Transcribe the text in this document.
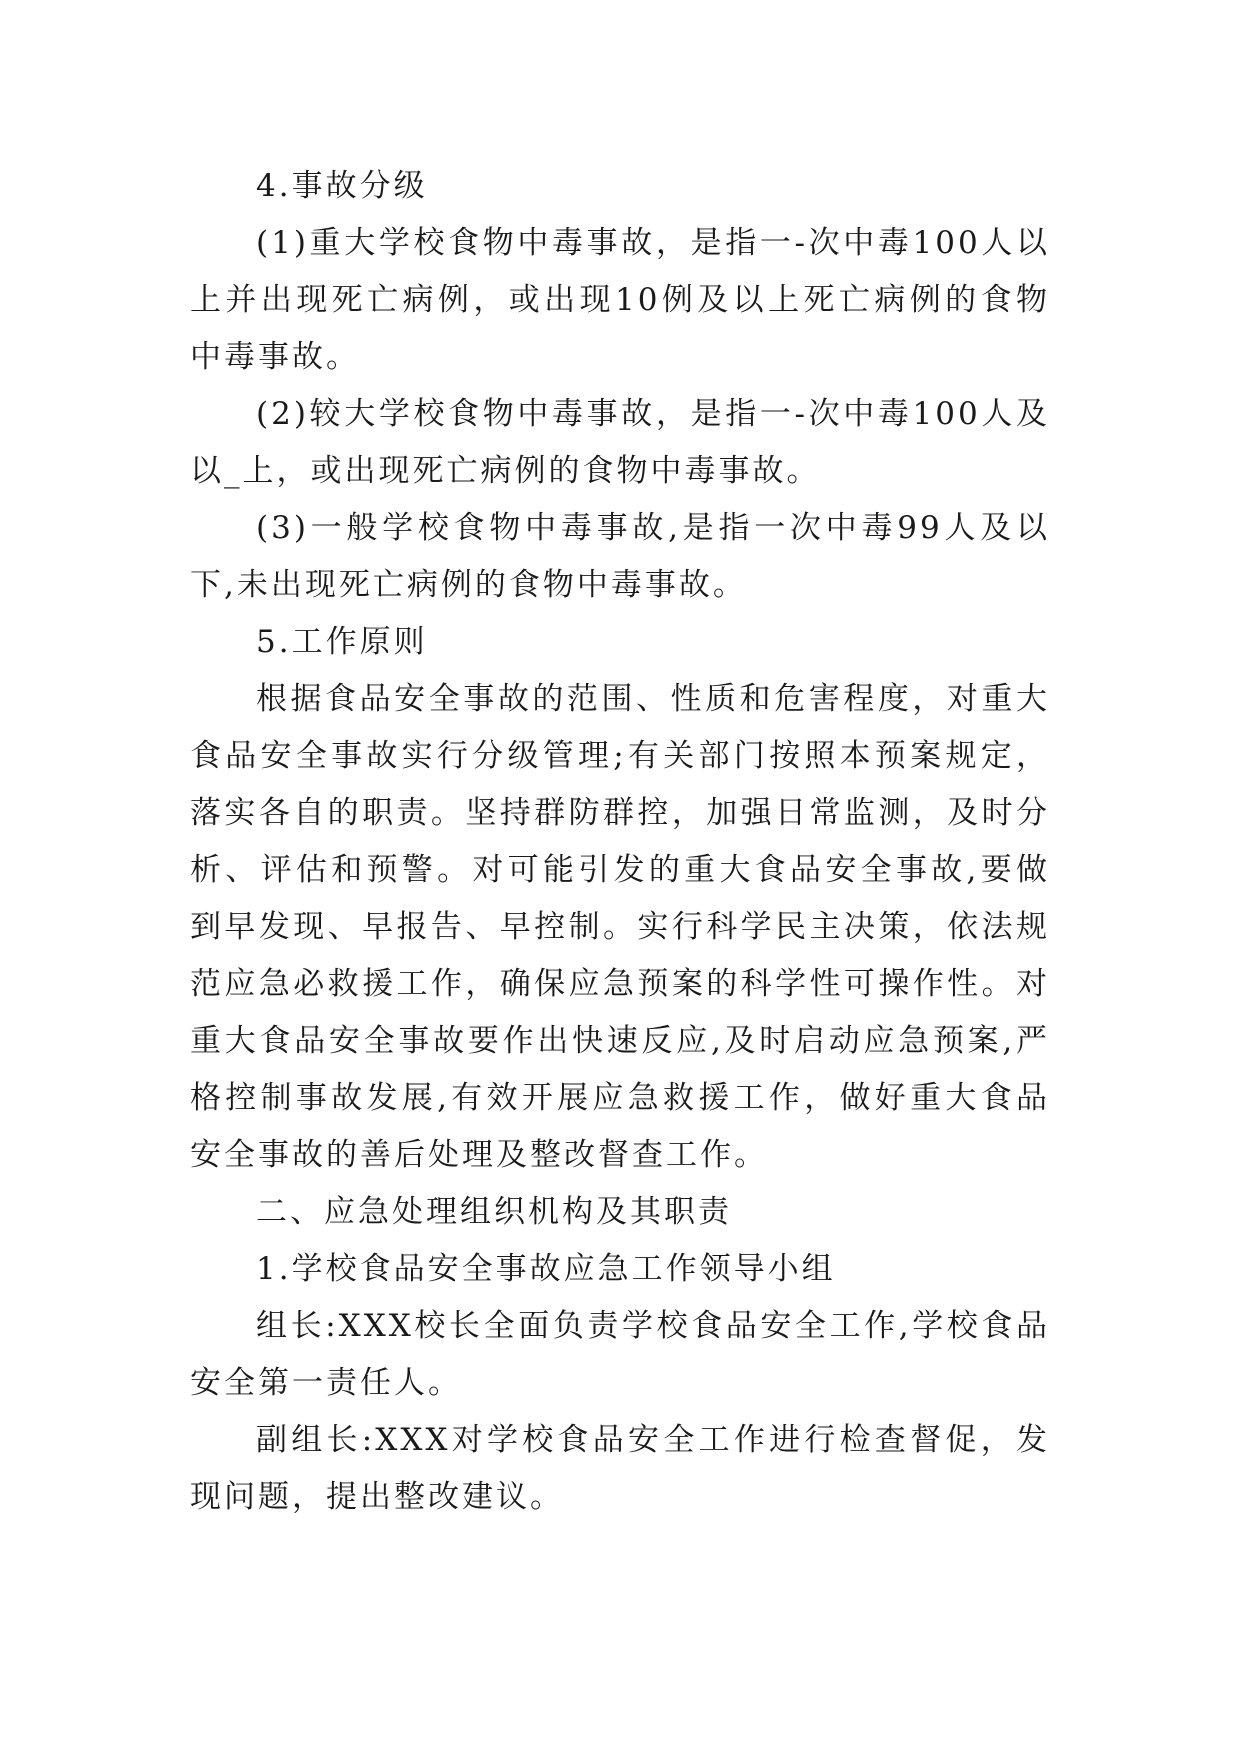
4.事故分级

(1)重大学校食物中毒事故，是指一-次中毒100人以上并出现死亡病例，或出现10例及以上死亡病例的食物中毒事故。

(2)较大学校食物中毒事故，是指一-次中毒100人及以_上，或出现死亡病例的食物中毒事故。

(3)一般学校食物中毒事故,是指一次中毒99人及以下,未出现死亡病例的食物中毒事故。

5.工作原则

根据食品安全事故的范围、性质和危害程度，对重大食品安全事故实行分级管理;有关部门按照本预案规定，落实各自的职责。坚持群防群控，加强日常监测，及时分析、评估和预警。对可能引发的重大食品安全事故,要做到早发现、早报告、早控制。实行科学民主决策，依法规范应急必救援工作，确保应急预案的科学性可操作性。对重大食品安全事故要作出快速反应,及时启动应急预案,严格控制事故发展,有效开展应急救援工作，做好重大食品安全事故的善后处理及整改督查工作。

二、应急处理组织机构及其职责

1.学校食品安全事故应急工作领导小组

组长:XXX校长全面负责学校食品安全工作,学校食品安全第一责任人。

副组长:XXX对学校食品安全工作进行检查督促，发现问题，提出整改建议。
